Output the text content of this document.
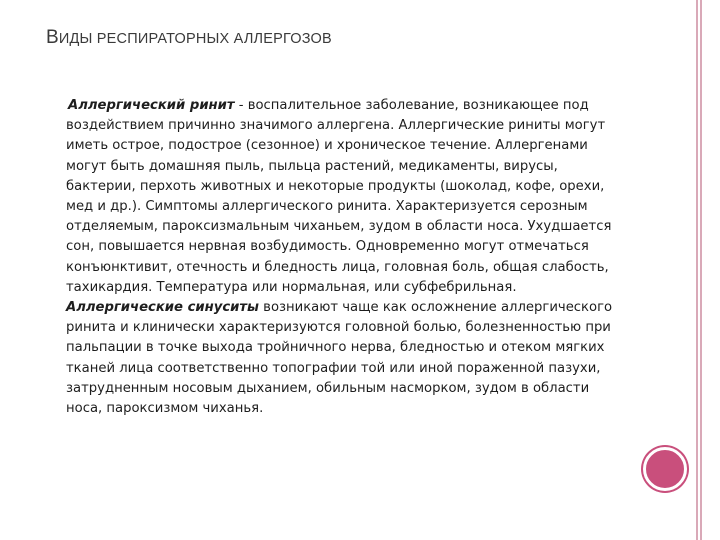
ВИДЫ РЕСПИРАТОРНЫХ АЛЛЕРГОЗОВ

Аллергический ринит - воспалительное заболевание, возникающее под воздействием причинно значимого аллергена. Аллергические риниты могут иметь острое, подострое (сезонное) и хроническое течение. Аллергенами могут быть домашняя пыль, пыльца растений, медикаменты, вирусы, бактерии, перхоть животных и некоторые продукты (шоколад, кофе, орехи, мед и др.). Симптомы аллергического ринита. Характеризуется серозным отделяемым, пароксизмальным чиханьем, зудом в области носа. Ухудшается сон, повышается нервная возбудимость. Одновременно могут отмечаться конъюнктивит, отечность и бледность лица, головная боль, общая слабость, тахикардия. Температура или нормальная, или субфебрильная.

Аллергические синуситы возникают чаще как осложнение аллергического ринита и клинически характеризуются головной болью, болезненностью при пальпации в точке выхода тройничного нерва, бледностью и отеком мягких тканей лица соответственно топографии той или иной пораженной пазухи, затрудненным носовым дыханием, обильным насморком, зудом в области носа, пароксизмом чиханья.
